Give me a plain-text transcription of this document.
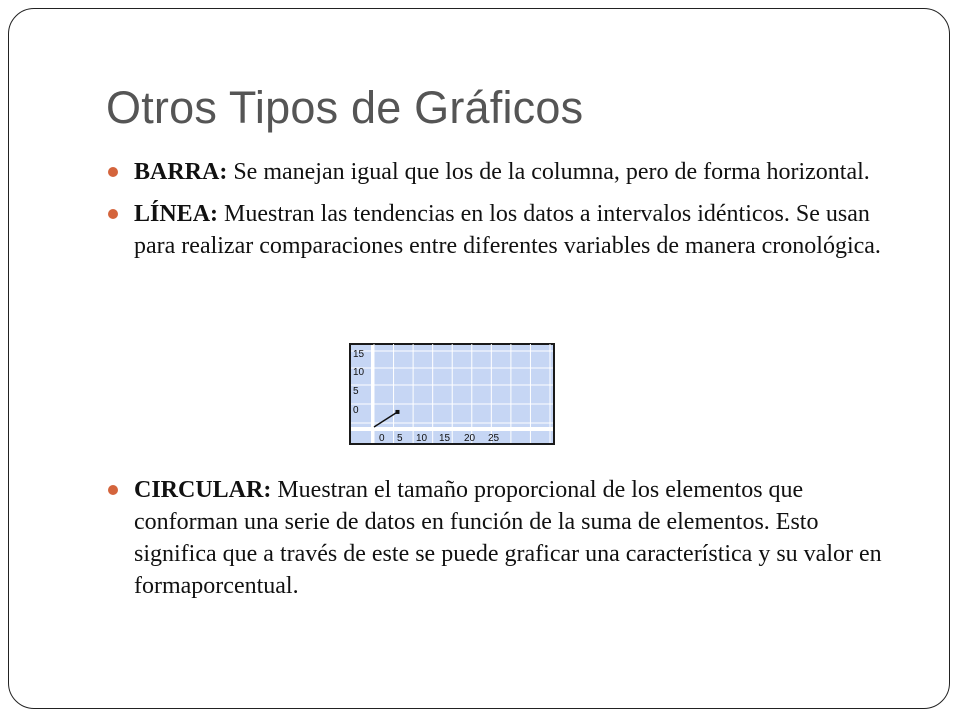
Otros Tipos de Gráficos
BARRA: Se manejan igual que los de la columna, pero de forma horizontal.
LÍNEA: Muestran las tendencias en los datos a intervalos idénticos. Se usan para realizar comparaciones entre diferentes variables de manera cronológica.
15
10
5
0
0 5 10 15 20 25
CIRCULAR: Muestran el tamaño proporcional de los elementos que conforman una serie de datos en función de la suma de elementos. Esto significa que a través de este se puede graficar una característica y su valor en formaporcentual.
